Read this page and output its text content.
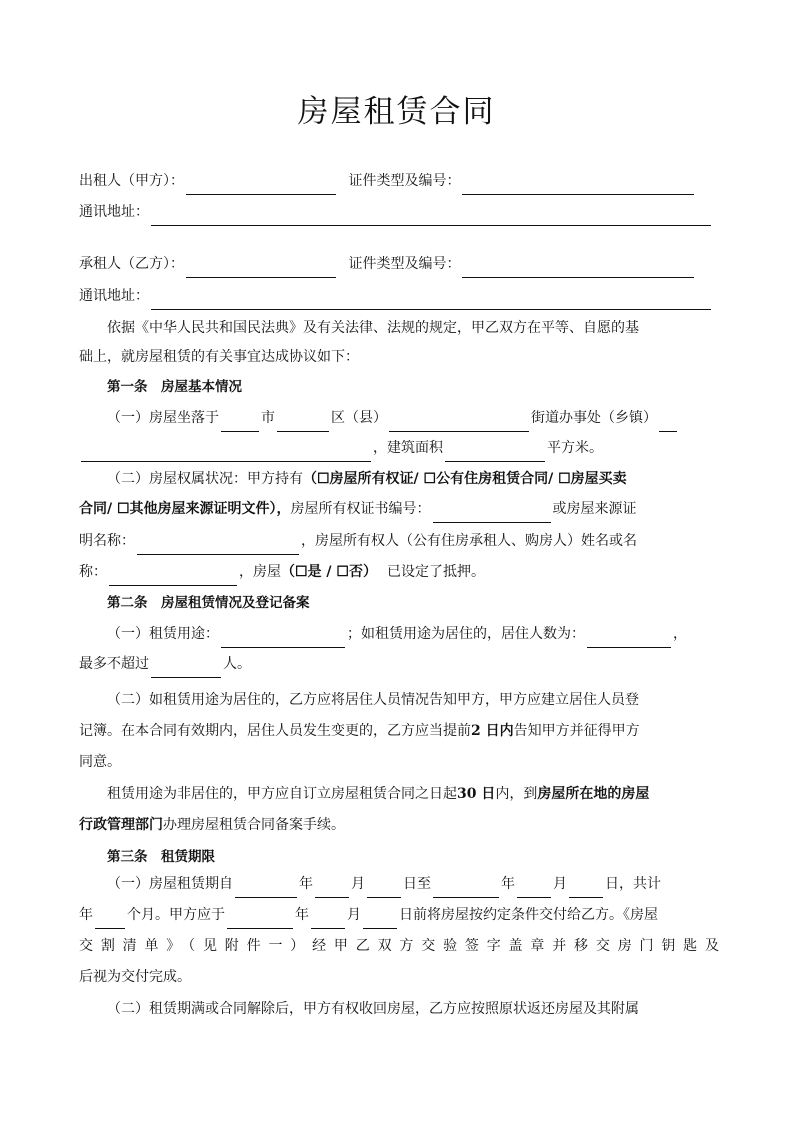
房屋租赁合同
出租人（甲方）：	证件类型及编号：
通讯地址：
承租人（乙方）：	证件类型及编号：
通讯地址：
依据《中华人民共和国民法典》及有关法律、法规的规定，甲乙双方在平等、自愿的基
础上，就房屋租赁的有关事宜达成协议如下：
第一条　房屋基本情况
（一）房屋坐落于	市	区（县）	街道办事处（乡镇）
，建筑面积	平方米。
（二）房屋权属状况：甲方持有（☐房屋所有权证/ ☐公有住房租赁合同/ ☐房屋买卖
合同/ ☐其他房屋来源证明文件），房屋所有权证书编号：	或房屋来源证
明名称：	，房屋所有权人（公有住房承租人、购房人）姓名或名
称：	，房屋（☐是 / ☐否） 已设定了抵押。
第二条　房屋租赁情况及登记备案
（一）租赁用途：	；如租赁用途为居住的，居住人数为：	，
最多不超过	人。
（二）如租赁用途为居住的，乙方应将居住人员情况告知甲方，甲方应建立居住人员登
记簿。在本合同有效期内，居住人员发生变更的，乙方应当提前2 日内告知甲方并征得甲方
同意。
租赁用途为非居住的，甲方应自订立房屋租赁合同之日起30 日内，到房屋所在地的房屋
行政管理部门办理房屋租赁合同备案手续。
第三条　租赁期限
（一）房屋租赁期自	年	月	日至	年	月	日，共计
年 个月。甲方应于	年	月	日前将房屋按约定条件交付给乙方。《房屋
交割清单》（见附件一）经甲乙双方交验签字盖章并移交房门钥匙及
后视为交付完成。
（二）租赁期满或合同解除后，甲方有权收回房屋，乙方应按照原状返还房屋及其附属
